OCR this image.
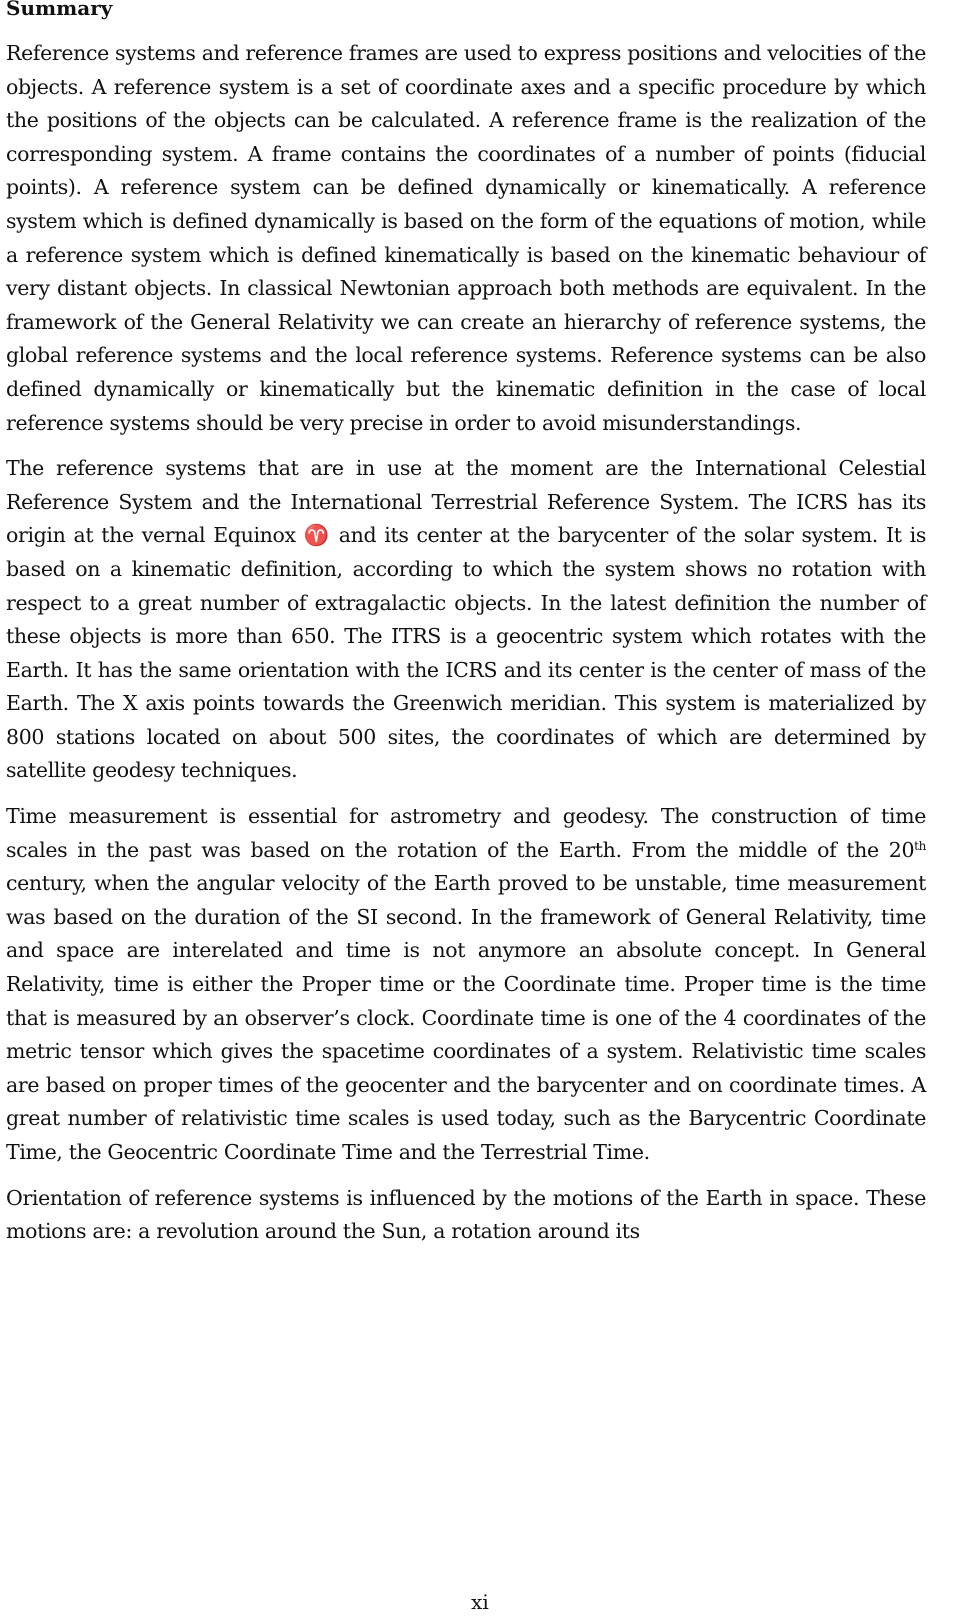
Summary

Reference systems and reference frames are used to express positions and velocities of the objects. A reference system is a set of coordinate axes and a specific procedure by which the positions of the objects can be calculated. A reference frame is the realization of the corresponding system. A frame contains the coordinates of a number of points (fiducial points). A reference system can be defined dynamically or kinematically. A reference system which is defined dynamically is based on the form of the equations of motion, while a reference system which is defined kinematically is based on the kinematic behaviour of very distant objects. In classical Newtonian approach both methods are equivalent. In the framework of the General Relativity we can create an hierarchy of reference systems, the global reference systems and the local reference systems. Reference systems can be also defined dynamically or kinematically but the kinematic definition in the case of local reference systems should be very precise in order to avoid misunderstandings.

The reference systems that are in use at the moment are the International Celestial Reference System and the International Terrestrial Reference System. The ICRS has its origin at the vernal Equinox ♈ and its center at the barycenter of the solar system. It is based on a kinematic definition, according to which the system shows no rotation with respect to a great number of extragalactic objects. In the latest definition the number of these objects is more than 650. The ITRS is a geocentric system which rotates with the Earth. It has the same orientation with the ICRS and its center is the center of mass of the Earth. The X axis points towards the Greenwich meridian. This system is materialized by 800 stations located on about 500 sites, the coordinates of which are determined by satellite geodesy techniques.

Time measurement is essential for astrometry and geodesy. The construction of time scales in the past was based on the rotation of the Earth. From the middle of the 20th century, when the angular velocity of the Earth proved to be unstable, time measurement was based on the duration of the SI second. In the framework of General Relativity, time and space are interelated and time is not anymore an absolute concept. In General Relativity, time is either the Proper time or the Coordinate time. Proper time is the time that is measured by an observer’s clock. Coordinate time is one of the 4 coordinates of the metric tensor which gives the spacetime coordinates of a system. Relativistic time scales are based on proper times of the geocenter and the barycenter and on coordinate times. A great number of relativistic time scales is used today, such as the Barycentric Coordinate Time, the Geocentric Coordinate Time and the Terrestrial Time.

Orientation of reference systems is influenced by the motions of the Earth in space. These motions are: a revolution around the Sun, a rotation around its

xi
